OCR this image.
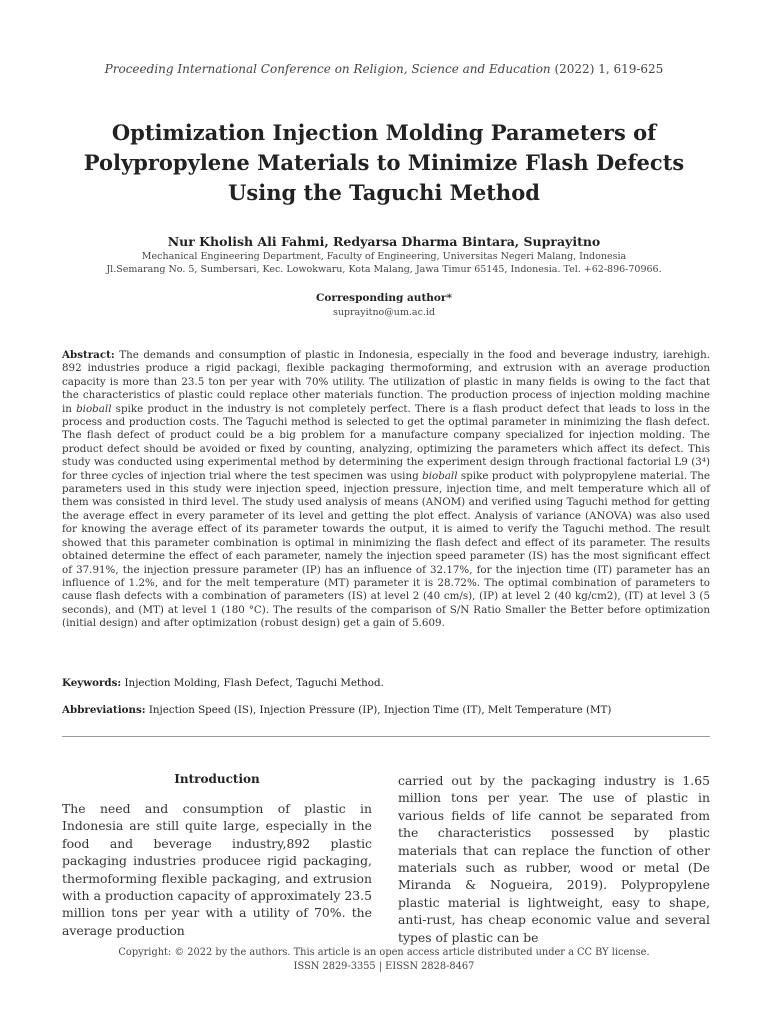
Proceeding International Conference on Religion, Science and Education (2022) 1, 619-625
Optimization Injection Molding Parameters of Polypropylene Materials to Minimize Flash Defects Using the Taguchi Method
Nur Kholish Ali Fahmi, Redyarsa Dharma Bintara, Suprayitno
Mechanical Engineering Department, Faculty of Engineering, Universitas Negeri Malang, Indonesia
Jl.Semarang No. 5, Sumbersari, Kec. Lowokwaru, Kota Malang, Jawa Timur 65145, Indonesia. Tel. +62-896-70966.
Corresponding author*
suprayitno@um.ac.id
Abstract: The demands and consumption of plastic in Indonesia, especially in the food and beverage industry, iarehigh. 892 industries produce a rigid packagi, flexible packaging thermoforming, and extrusion with an average production capacity is more than 23.5 ton per year with 70% utility. The utilization of plastic in many fields is owing to the fact that the characteristics of plastic could replace other materials function. The production process of injection molding machine in bioball spike product in the industry is not completely perfect. There is a flash product defect that leads to loss in the process and production costs. The Taguchi method is selected to get the optimal parameter in minimizing the flash defect. The flash defect of product could be a big problem for a manufacture company specialized for injection molding. The product defect should be avoided or fixed by counting, analyzing, optimizing the parameters which affect its defect. This study was conducted using experimental method by determining the experiment design through fractional factorial L9 (3⁴) for three cycles of injection trial where the test specimen was using bioball spike product with polypropylene material. The parameters used in this study were injection speed, injection pressure, injection time, and melt temperature which all of them was consisted in third level. The study used analysis of means (ANOM) and verified using Taguchi method for getting the average effect in every parameter of its level and getting the plot effect. Analysis of variance (ANOVA) was also used for knowing the average effect of its parameter towards the output, it is aimed to verify the Taguchi method. The result showed that this parameter combination is optimal in minimizing the flash defect and effect of its parameter. The results obtained determine the effect of each parameter, namely the injection speed parameter (IS) has the most significant effect of 37.91%, the injection pressure parameter (IP) has an influence of 32.17%, for the injection time (IT) parameter has an influence of 1.2%, and for the melt temperature (MT) parameter it is 28.72%. The optimal combination of parameters to cause flash defects with a combination of parameters (IS) at level 2 (40 cm/s), (IP) at level 2 (40 kg/cm2), (IT) at level 3 (5 seconds), and (MT) at level 1 (180 °C). The results of the comparison of S/N Ratio Smaller the Better before optimization (initial design) and after optimization (robust design) get a gain of 5.609.
Keywords: Injection Molding, Flash Defect, Taguchi Method.
Abbreviations: Injection Speed (IS), Injection Pressure (IP), Injection Time (IT), Melt Temperature (MT)
Introduction
The need and consumption of plastic in Indonesia are still quite large, especially in the food and beverage industry,892 plastic packaging industries producee rigid packaging, thermoforming flexible packaging, and extrusion with a production capacity of approximately 23.5 million tons per year with a utility of 70%. the average production
carried out by the packaging industry is 1.65 million tons per year. The use of plastic in various fields of life cannot be separated from the characteristics possessed by plastic materials that can replace the function of other materials such as rubber, wood or metal (De Miranda & Nogueira, 2019). Polypropylene plastic material is lightweight, easy to shape, anti-rust, has cheap economic value and several types of plastic can be
Copyright: © 2022 by the authors. This article is an open access article distributed under a CC BY license.
ISSN 2829-3355 | EISSN 2828-8467
